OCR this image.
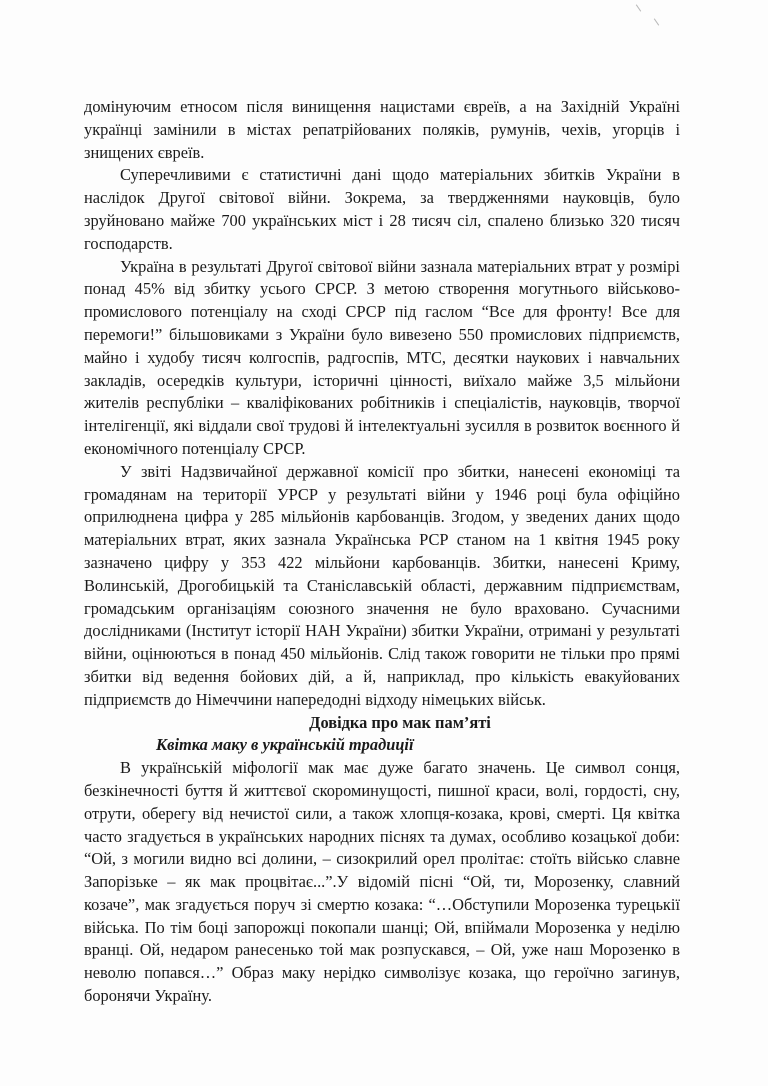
домінуючим етносом після винищення нацистами євреїв, а на Західній Україні українці замінили в містах репатрійованих поляків, румунів, чехів, угорців і знищених євреїв.

Суперечливими є статистичні дані щодо матеріальних збитків України в наслідок Другої світової війни. Зокрема, за твердженнями науковців, було зруйновано майже 700 українських міст і 28 тисяч сіл, спалено близько 320 тисяч господарств.

Україна в результаті Другої світової війни зазнала матеріальних втрат у розмірі понад 45% від збитку усього СРСР. З метою створення могутнього військово-промислового потенціалу на сході СРСР під гаслом “Все для фронту! Все для перемоги!” більшовиками з України було вивезено 550 промислових підприємств, майно і худобу тисяч колгоспів, радгоспів, МТС, десятки наукових і навчальних закладів, осередків культури, історичні цінності, виїхало майже 3,5 мільйони жителів республіки – кваліфікованих робітників і спеціалістів, науковців, творчої інтелігенції, які віддали свої трудові й інтелектуальні зусилля в розвиток воєнного й економічного потенціалу СРСР.

У звіті Надзвичайної державної комісії про збитки, нанесені економіці та громадянам на території УРСР у результаті війни у 1946 році була офіційно оприлюднена цифра у 285 мільйонів карбованців. Згодом, у зведених даних щодо матеріальних втрат, яких зазнала Українська РСР станом на 1 квітня 1945 року зазначено цифру у 353 422 мільйони карбованців. Збитки, нанесені Криму, Волинській, Дрогобицькій та Станіславській області, державним підприємствам, громадським організаціям союзного значення не було враховано. Сучасними дослідниками (Інститут історії НАН України) збитки України, отримані у результаті війни, оцінюються в понад 450 мільйонів. Слід також говорити не тільки про прямі збитки від ведення бойових дій, а й, наприклад, про кількість евакуйованих підприємств до Німеччини напередодні відходу німецьких військ.

Довідка про мак пам’яті

Квітка маку в українській традиції

В українській міфології мак має дуже багато значень. Це символ сонця, безкінечності буття й життєвої скороминущості, пишної краси, волі, гордості, сну, отрути, оберегу від нечистої сили, а також хлопця-козака, крові, смерті. Ця квітка часто згадується в українських народних піснях та думах, особливо козацької доби: “Ой, з могили видно всі долини, – сизокрилий орел пролітає: стоїть військо славне Запорізьке – як мак процвітає...”.У відомій пісні “Ой, ти, Морозенку, славний козаче”, мак згадується поруч зі смертю козака: “…Обступили Морозенка турецькії війська. По тім боці запорожці покопали шанці; Ой, впіймали Морозенка у неділю вранці. Ой, недаром ранесенько той мак розпускався, – Ой, уже наш Морозенко в неволю попався…” Образ маку нерідко символізує козака, що героїчно загинув, боронячи Україну.
